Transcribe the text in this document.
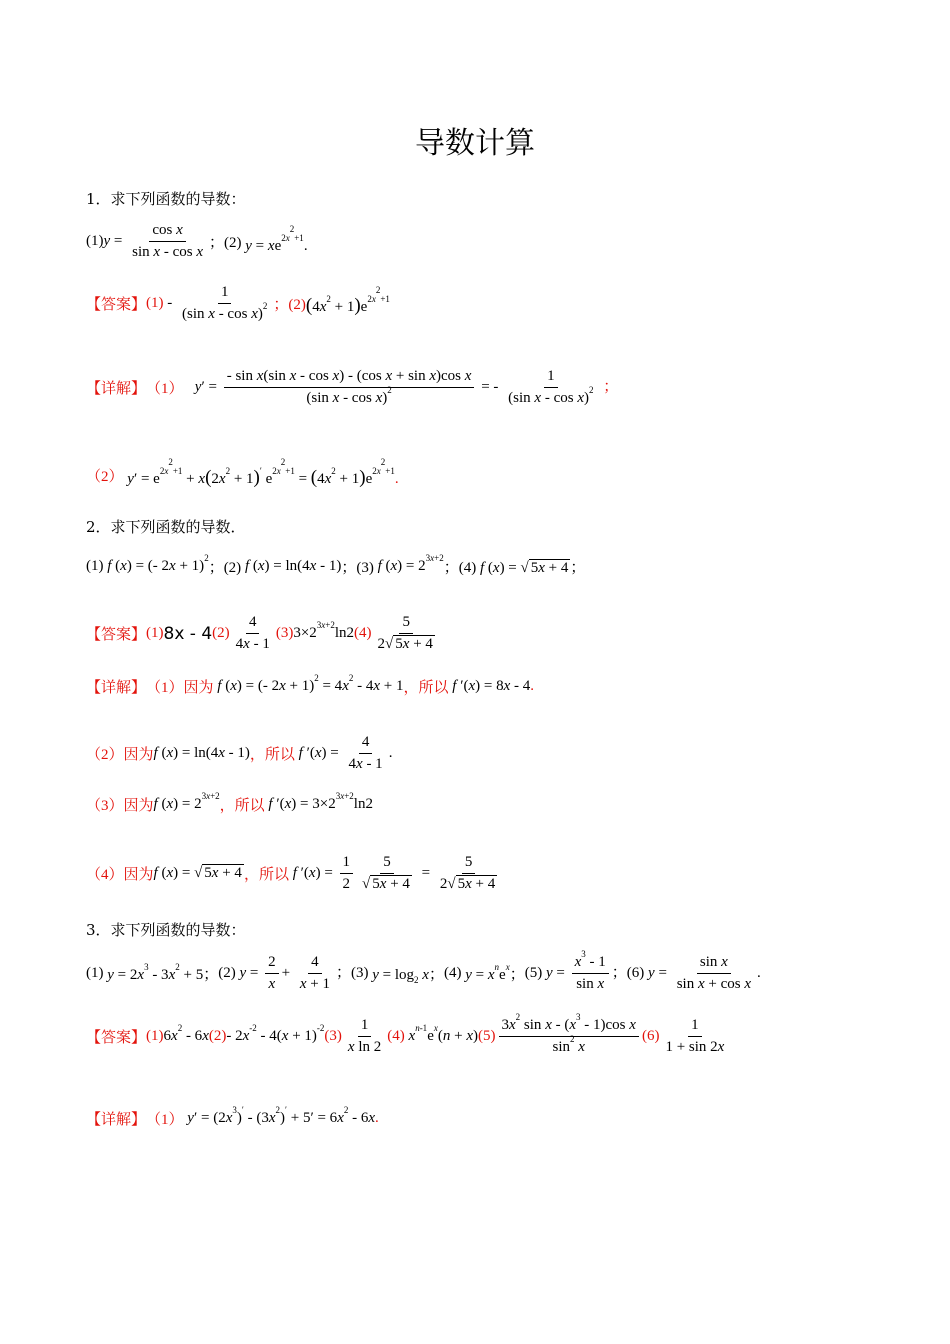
导数计算
1．求下列函数的导数：
(1) $y = \frac{\text{cos x}}{\text{sin x - cos x}}$ ；(2) $y = xe^{2x^2+1}$.
【答案】 $(1) - \frac{1}{(\sin x - \cos x)^2}$ ；(2) $(4x^2 + 1)e^{2x^2+1}$
【详解】 （1） $y' = \frac{\text{- sin x(sin x - cos x) - (cos x + sin x)cos x}}{(\sin x - \cos x)^2}$ = - $\frac{1}{(\sin x - \cos x)^2}$ ；
（2） $y' = e^{2x^2+1} + x(2x^2 + 1)'$ $e^{2x^2+1} = (4x^2 + 1)e^{2x^2+1}$.
2．求下列函数的导数．
(1) f (x) = (- 2x + 1)$^2$
；(2) f (x) = ln(4x - 1) ；(3) f $(x) = 2^{3x+2}$
；(4) f (x) = √ 5x + 4 ；
【答案】 (1) 8x - 4 $(2) \frac{4}{4x - 1} (3)$ $3\times 2^{3x+2}\ln 2$ $(4) \frac{5}{2√ 5x + 4}$
【详解】 （1）因为 f (x) = (- $2x + 1)^2 = 4x^2 - 4x + 1$ ，所以 f ′(x) = 8x - 4.
（2）因为 f (x) = ln(4x - 1) ，所以 f $'(x) = \frac{4}{4x - 1}$ .
（3）因为 f $(x) = 2^{3x+2}$
，所以 f $'(x) = 3\times 2^{3x+2}\ln 2$
（4）因为 f (x) = √ 5x + 4 ，所以 f $'(x) = \frac{1}{2} \frac{5}{√ 5x + 4} = \frac{5}{2√ 5x + 4}$
3．求下列函数的导数：
(1) $y = 2x^3 - 3x^2 + 5$； (2) $y = \frac{2}{x} + \frac{4}{x + 1}$ ； (3) $y = \log_2 x$； (4) $y = x^ne^x$； (5) $y = \frac{x^3 - 1}{\text{sin x}}$ ； (6) $y = \frac{\text{sin x}}{\text{sin x + cos x}}$ .
【答案】 (1) $6x^2 - 6x$ $(2) - 2x^{-2} - 4(x + 1)^{-2}$ $(3) \frac{1}{\text{x ln 2}} (4) x^{n-1}e^x(n + x)$ $(5) \frac{3x^2 \sin x - (x^3 - 1)\cos x}{\sin^2 x} (6) \frac{1}{1 + \sin 2x}$
【详解】 （1） $y' = (2x^3)' - (3x^2)' + 5' = 6x^2 - 6x$.
